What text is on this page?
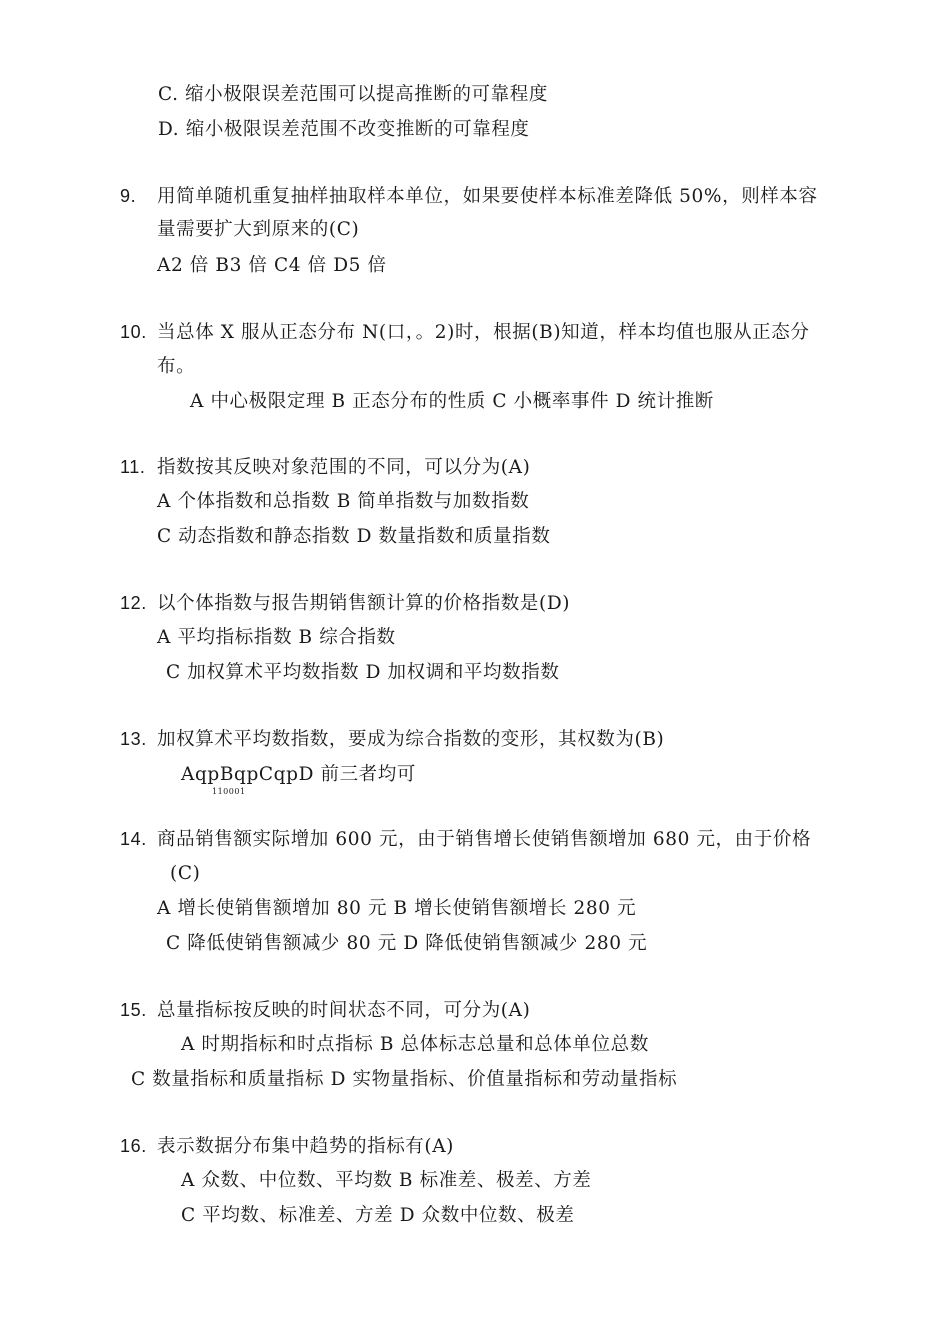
C. 缩小极限误差范围可以提高推断的可靠程度
D. 缩小极限误差范围不改变推断的可靠程度
9. 用简单随机重复抽样抽取样本单位，如果要使样本标准差降低 50%，则样本容
量需要扩大到原来的(C)
A2 倍 B3 倍 C4 倍 D5 倍
10. 当总体 X 服从正态分布 N(口，。2)时，根据(B)知道，样本均值也服从正态分
布。
A 中心极限定理 B 正态分布的性质 C 小概率事件 D 统计推断
11. 指数按其反映对象范围的不同，可以分为(A)
A 个体指数和总指数 B 简单指数与加数指数
C 动态指数和静态指数 D 数量指数和质量指数
12. 以个体指数与报告期销售额计算的价格指数是(D)
A 平均指标指数 B 综合指数
C 加权算术平均数指数 D 加权调和平均数指数
13. 加权算术平均数指数，要成为综合指数的变形，其权数为(B)
AqpBqpCqpD 前三者均可
110001
14. 商品销售额实际增加 600 元，由于销售增长使销售额增加 680 元，由于价格
(C)
A 增长使销售额增加 80 元 B 增长使销售额增长 280 元
C 降低使销售额减少 80 元 D 降低使销售额减少 280 元
15. 总量指标按反映的时间状态不同，可分为(A)
A 时期指标和时点指标 B 总体标志总量和总体单位总数
C 数量指标和质量指标 D 实物量指标、价值量指标和劳动量指标
16. 表示数据分布集中趋势的指标有(A)
A 众数、中位数、平均数 B 标准差、极差、方差
C 平均数、标准差、方差 D 众数中位数、极差
